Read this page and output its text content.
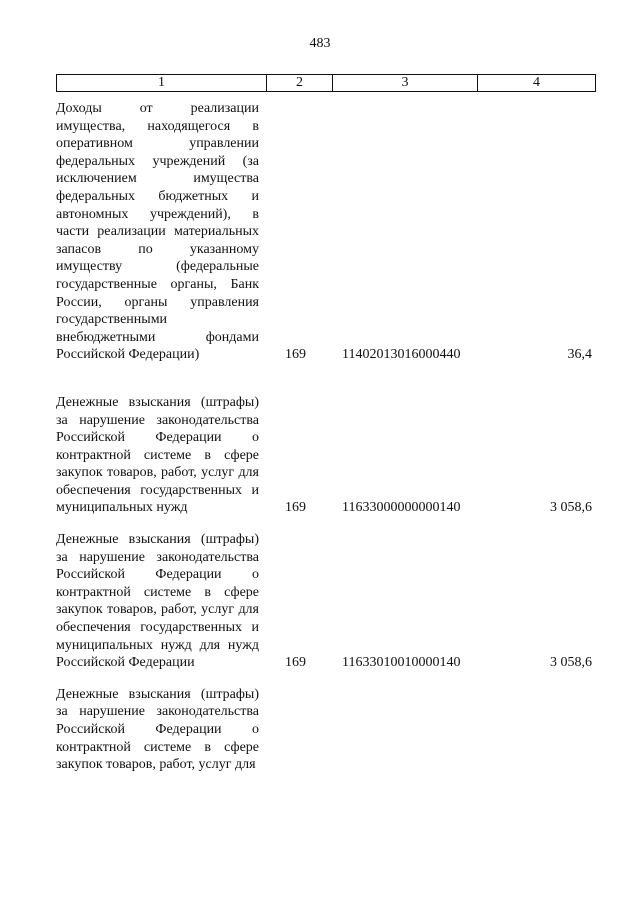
483
1	2	3	4
Доходы от реализации имущества, находящегося в оперативном управлении федеральных учреждений (за исключением имущества федеральных бюджетных и автономных учреждений), в части реализации материальных запасов по указанному имуществу (федеральные государственные органы, Банк России, органы управления государственными внебюджетными фондами Российской Федерации)	169	11402013016000440	36,4
Денежные взыскания (штрафы) за нарушение законодательства Российской Федерации о контрактной системе в сфере закупок товаров, работ, услуг для обеспечения государственных и муниципальных нужд	169	11633000000000140	3 058,6
Денежные взыскания (штрафы) за нарушение законодательства Российской Федерации о контрактной системе в сфере закупок товаров, работ, услуг для обеспечения государственных и муниципальных нужд для нужд Российской Федерации	169	11633010010000140	3 058,6
Денежные взыскания (штрафы) за нарушение законодательства Российской Федерации о контрактной системе в сфере закупок товаров, работ, услуг для
